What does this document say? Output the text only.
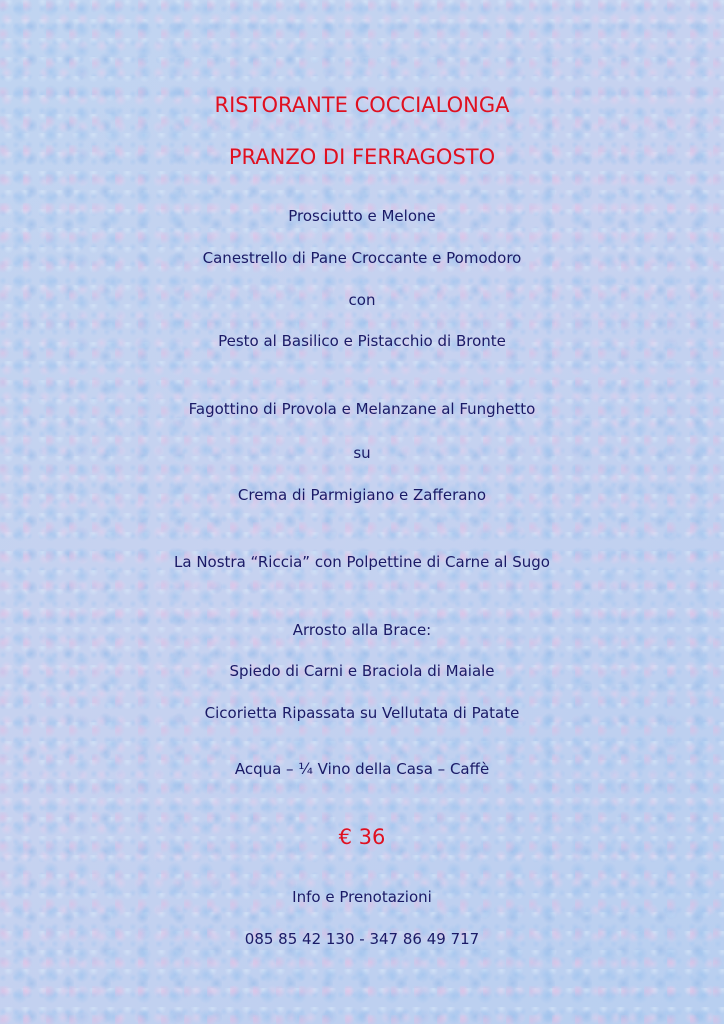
RISTORANTE COCCIALONGA
PRANZO DI FERRAGOSTO
Prosciutto e Melone
Canestrello di Pane Croccante e Pomodoro
con
Pesto al Basilico e Pistacchio di Bronte
Fagottino di Provola e Melanzane al Funghetto
su
Crema di Parmigiano e Zafferano
La Nostra “Riccia” con Polpettine di Carne al Sugo
Arrosto alla Brace:
Spiedo di Carni e Braciola di Maiale
Cicorietta Ripassata su Vellutata di Patate
Acqua – ¼ Vino della Casa – Caffè
€ 36
Info e Prenotazioni
085 85 42 130 - 347 86 49 717
